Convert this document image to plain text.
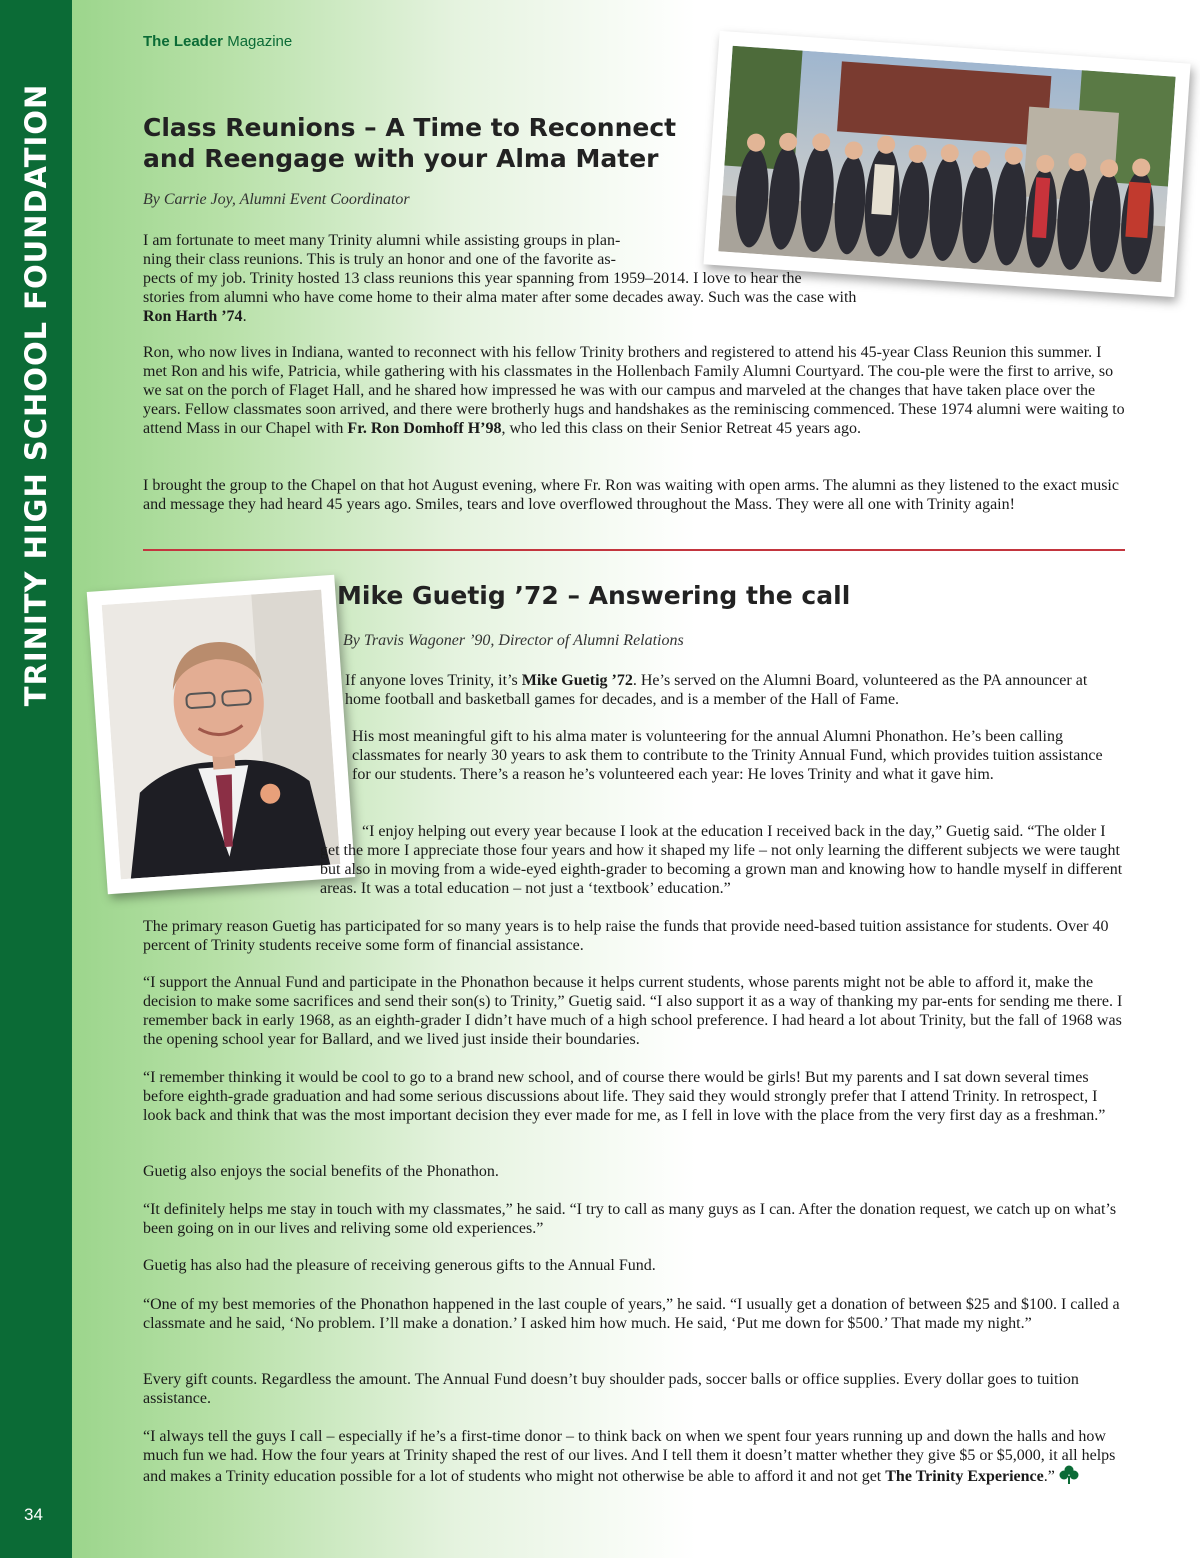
TRINITY HIGH SCHOOL FOUNDATION
34
The Leader Magazine
Class Reunions – A Time to Reconnect
and Reengage with your Alma Mater
By Carrie Joy, Alumni Event Coordinator

I am fortunate to meet many Trinity alumni while assisting groups in plan-
ning their class reunions. This is truly an honor and one of the favorite as-
pects of my job. Trinity hosted 13 class reunions this year spanning from 1959–2014. I love to hear the
stories from alumni who have come home to their alma mater after some decades away. Such was the case with
Ron Harth ’74.

Ron, who now lives in Indiana, wanted to reconnect with his fellow Trinity brothers and registered to attend his 45-year Class Reunion this summer. I met Ron and his wife, Patricia, while gathering with his classmates in the Hollenbach Family Alumni Courtyard. The cou-ple were the first to arrive, so we sat on the porch of Flaget Hall, and he shared how impressed he was with our campus and marveled at the changes that have taken place over the years. Fellow classmates soon arrived, and there were brotherly hugs and handshakes as the reminiscing commenced. These 1974 alumni were waiting to attend Mass in our Chapel with Fr. Ron Domhoff H’98, who led this class on their Senior Retreat 45 years ago.

I brought the group to the Chapel on that hot August evening, where Fr. Ron was waiting with open arms. The alumni as they listened to the exact music and message they had heard 45 years ago. Smiles, tears and love overflowed throughout the Mass. They were all one with Trinity again!

Mike Guetig ’72 – Answering the call
By Travis Wagoner ’90, Director of Alumni Relations

If anyone loves Trinity, it’s Mike Guetig ’72. He’s served on the Alumni Board, volunteered as the PA announcer at home football and basketball games for decades, and is a member of the Hall of Fame.

His most meaningful gift to his alma mater is volunteering for the annual Alumni Phonathon. He’s been calling classmates for nearly 30 years to ask them to contribute to the Trinity Annual Fund, which provides tuition assistance for our students. There’s a reason he’s volunteered each year: He loves Trinity and what it gave him.

“I enjoy helping out every year because I look at the education I received back in the day,” Guetig said. “The older I get the more I appreciate those four years and how it shaped my life – not only learning the different subjects we were taught but also in moving from a wide-eyed eighth-grader to becoming a grown man and knowing how to handle myself in different areas. It was a total education – not just a ‘textbook’ education.”

The primary reason Guetig has participated for so many years is to help raise the funds that provide need-based tuition assistance for students. Over 40 percent of Trinity students receive some form of financial assistance.

“I support the Annual Fund and participate in the Phonathon because it helps current students, whose parents might not be able to afford it, make the decision to make some sacrifices and send their son(s) to Trinity,” Guetig said. “I also support it as a way of thanking my par-ents for sending me there. I remember back in early 1968, as an eighth-grader I didn’t have much of a high school preference. I had heard a lot about Trinity, but the fall of 1968 was the opening school year for Ballard, and we lived just inside their boundaries.

“I remember thinking it would be cool to go to a brand new school, and of course there would be girls! But my parents and I sat down several times before eighth-grade graduation and had some serious discussions about life. They said they would strongly prefer that I attend Trinity. In retrospect, I look back and think that was the most important decision they ever made for me, as I fell in love with the place from the very first day as a freshman.”

Guetig also enjoys the social benefits of the Phonathon.

“It definitely helps me stay in touch with my classmates,” he said. “I try to call as many guys as I can. After the donation request, we catch up on what’s been going on in our lives and reliving some old experiences.”

Guetig has also had the pleasure of receiving generous gifts to the Annual Fund.

“One of my best memories of the Phonathon happened in the last couple of years,” he said. “I usually get a donation of between $25 and $100. I called a classmate and he said, ‘No problem. I’ll make a donation.’ I asked him how much. He said, ‘Put me down for $500.’ That made my night.”

Every gift counts. Regardless the amount. The Annual Fund doesn’t buy shoulder pads, soccer balls or office supplies. Every dollar goes to tuition assistance.

“I always tell the guys I call – especially if he’s a first-time donor – to think back on when we spent four years running up and down the halls and how much fun we had. How the four years at Trinity shaped the rest of our lives. And I tell them it doesn’t matter whether they give $5 or $5,000, it all helps and makes a Trinity education possible for a lot of students who might not otherwise be able to afford it and not get The Trinity Experience.”
